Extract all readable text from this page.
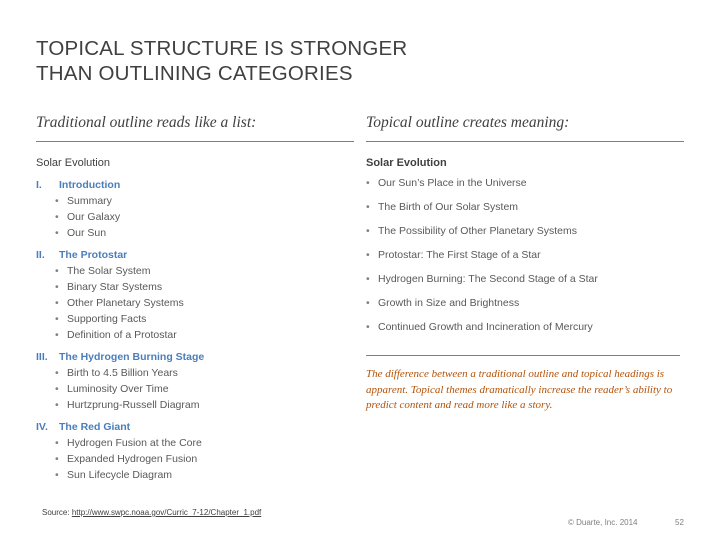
TOPICAL STRUCTURE IS STRONGER
THAN OUTLINING CATEGORIES
Traditional outline reads like a list:
Solar Evolution
I. Introduction
• Summary
• Our Galaxy
• Our Sun
II. The Protostar
• The Solar System
• Binary Star Systems
• Other Planetary Systems
• Supporting Facts
• Definition of a Protostar
III. The Hydrogen Burning Stage
• Birth to 4.5 Billion Years
• Luminosity Over Time
• Hurtzprung-Russell Diagram
IV. The Red Giant
• Hydrogen Fusion at the Core
• Expanded Hydrogen Fusion
• Sun Lifecycle Diagram
Topical outline creates meaning:
Solar Evolution
• Our Sun’s Place in the Universe
• The Birth of Our Solar System
• The Possibility of Other Planetary Systems
• Protostar: The First Stage of a Star
• Hydrogen Burning: The Second Stage of a Star
• Growth in Size and Brightness
• Continued Growth and Incineration of Mercury
The difference between a traditional outline and topical headings is apparent. Topical themes dramatically increase the reader’s ability to predict content and read more like a story.
Source: http://www.swpc.noaa.gov/Curric_7-12/Chapter_1.pdf
© Duarte, Inc. 2014	52
